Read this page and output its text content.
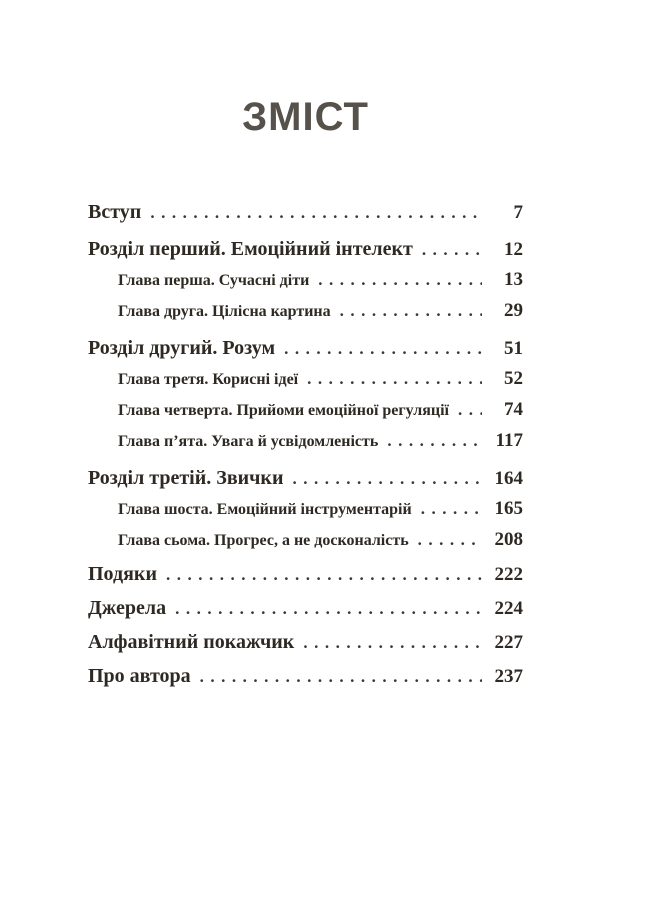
ЗМІСТ
Вступ .....	7
Розділ перший. Емоційний інтелект .....	12
Глава перша. Сучасні діти .....	13
Глава друга. Цілісна картина .....	29
Розділ другий. Розум .....	51
Глава третя. Корисні ідеї .....	52
Глава четверта. Прийоми емоційної регуляції .....	74
Глава п’ята. Увага й усвідомленість .....	117
Розділ третій. Звички .....	164
Глава шоста. Емоційний інструментарій .....	165
Глава сьома. Прогрес, а не досконалість .....	208
Подяки .....	222
Джерела .....	224
Алфавітний покажчик .....	227
Про автора .....	237
